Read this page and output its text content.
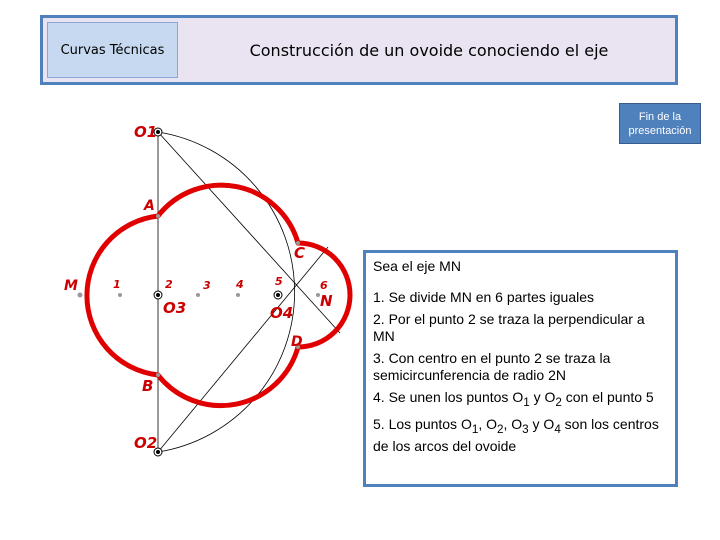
Curvas Técnicas	Construcción de un ovoide conociendo el eje
Fin de la
presentación
O1
A
C
M
N
O3	O4
D
B
O2
1	2	3 4	5	6

Sea el eje MN

1. Se divide MN en 6 partes iguales

2. Por el punto 2 se traza la perpendicular a MN

3. Con centro en el punto 2 se traza la semicircunferencia de radio 2N

4. Se unen los puntos $O_1$ y $O_2$ con el punto 5

5. Los puntos $O_1$, $O_2$, $O_3$ y $O_4$ son los centros de los arcos del ovoide
